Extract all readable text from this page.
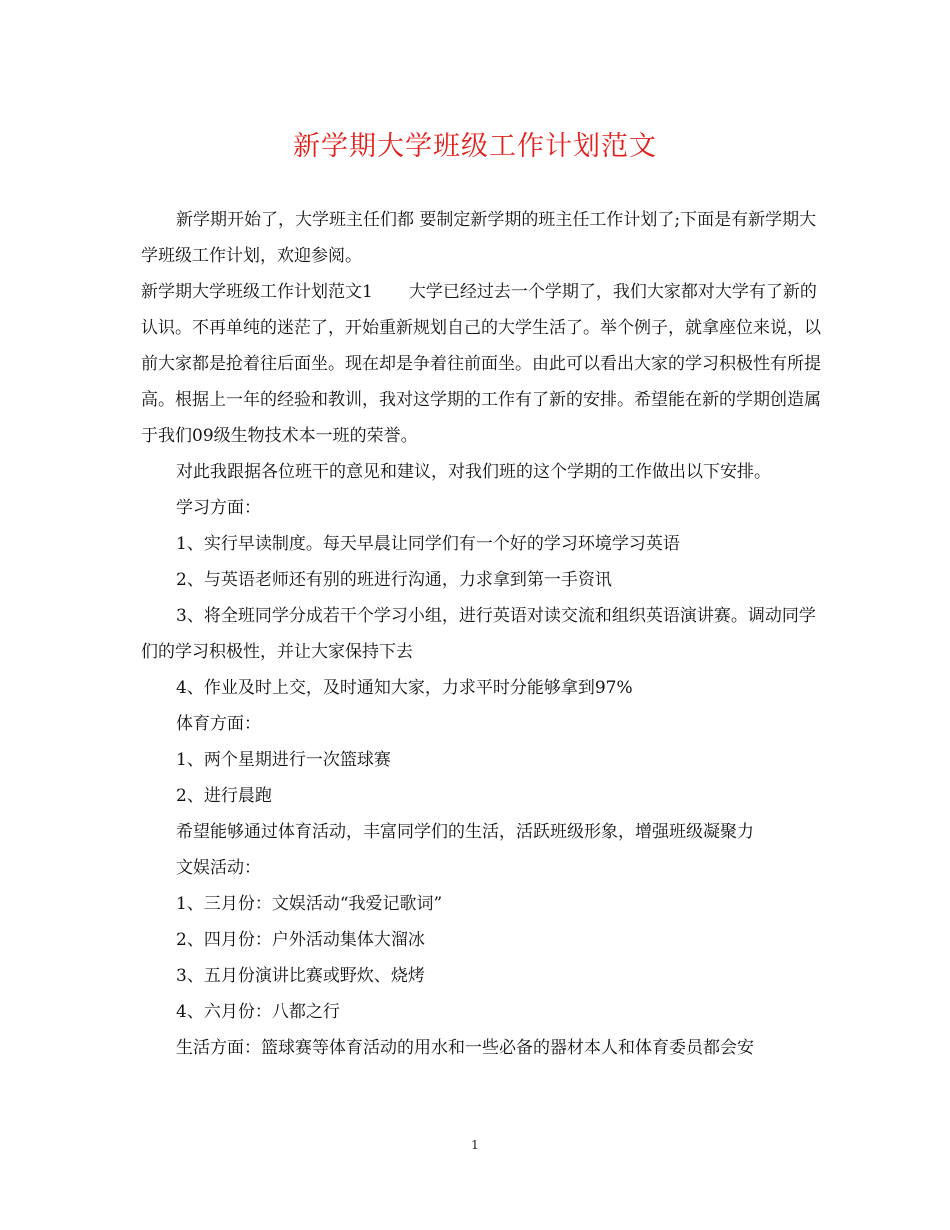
新学期大学班级工作计划范文

新学期开始了，大学班主任们都 要制定新学期的班主任工作计划了;下面是有新学期大学班级工作计划，欢迎参阅。

新学期大学班级工作计划范文1 大学已经过去一个学期了，我们大家都对大学有了新的认识。不再单纯的迷茫了，开始重新规划自己的大学生活了。举个例子，就拿座位来说，以前大家都是抢着往后面坐。现在却是争着往前面坐。由此可以看出大家的学习积极性有所提高。根据上一年的经验和教训，我对这学期的工作有了新的安排。希望能在新的学期创造属于我们09级生物技术本一班的荣誉。

对此我跟据各位班干的意见和建议，对我们班的这个学期的工作做出以下安排。

学习方面：

1、实行早读制度。每天早晨让同学们有一个好的学习环境学习英语

2、与英语老师还有别的班进行沟通，力求拿到第一手资讯

3、将全班同学分成若干个学习小组，进行英语对读交流和组织英语演讲赛。调动同学们的学习积极性，并让大家保持下去

4、作业及时上交，及时通知大家，力求平时分能够拿到97%

体育方面：

1、两个星期进行一次篮球赛

2、进行晨跑

希望能够通过体育活动，丰富同学们的生活，活跃班级形象，增强班级凝聚力

文娱活动：

1、三月份：文娱活动“我爱记歌词”

2、四月份：户外活动集体大溜冰

3、五月份演讲比赛或野炊、烧烤

4、六月份：八都之行

生活方面：篮球赛等体育活动的用水和一些必备的器材本人和体育委员都会安

1
